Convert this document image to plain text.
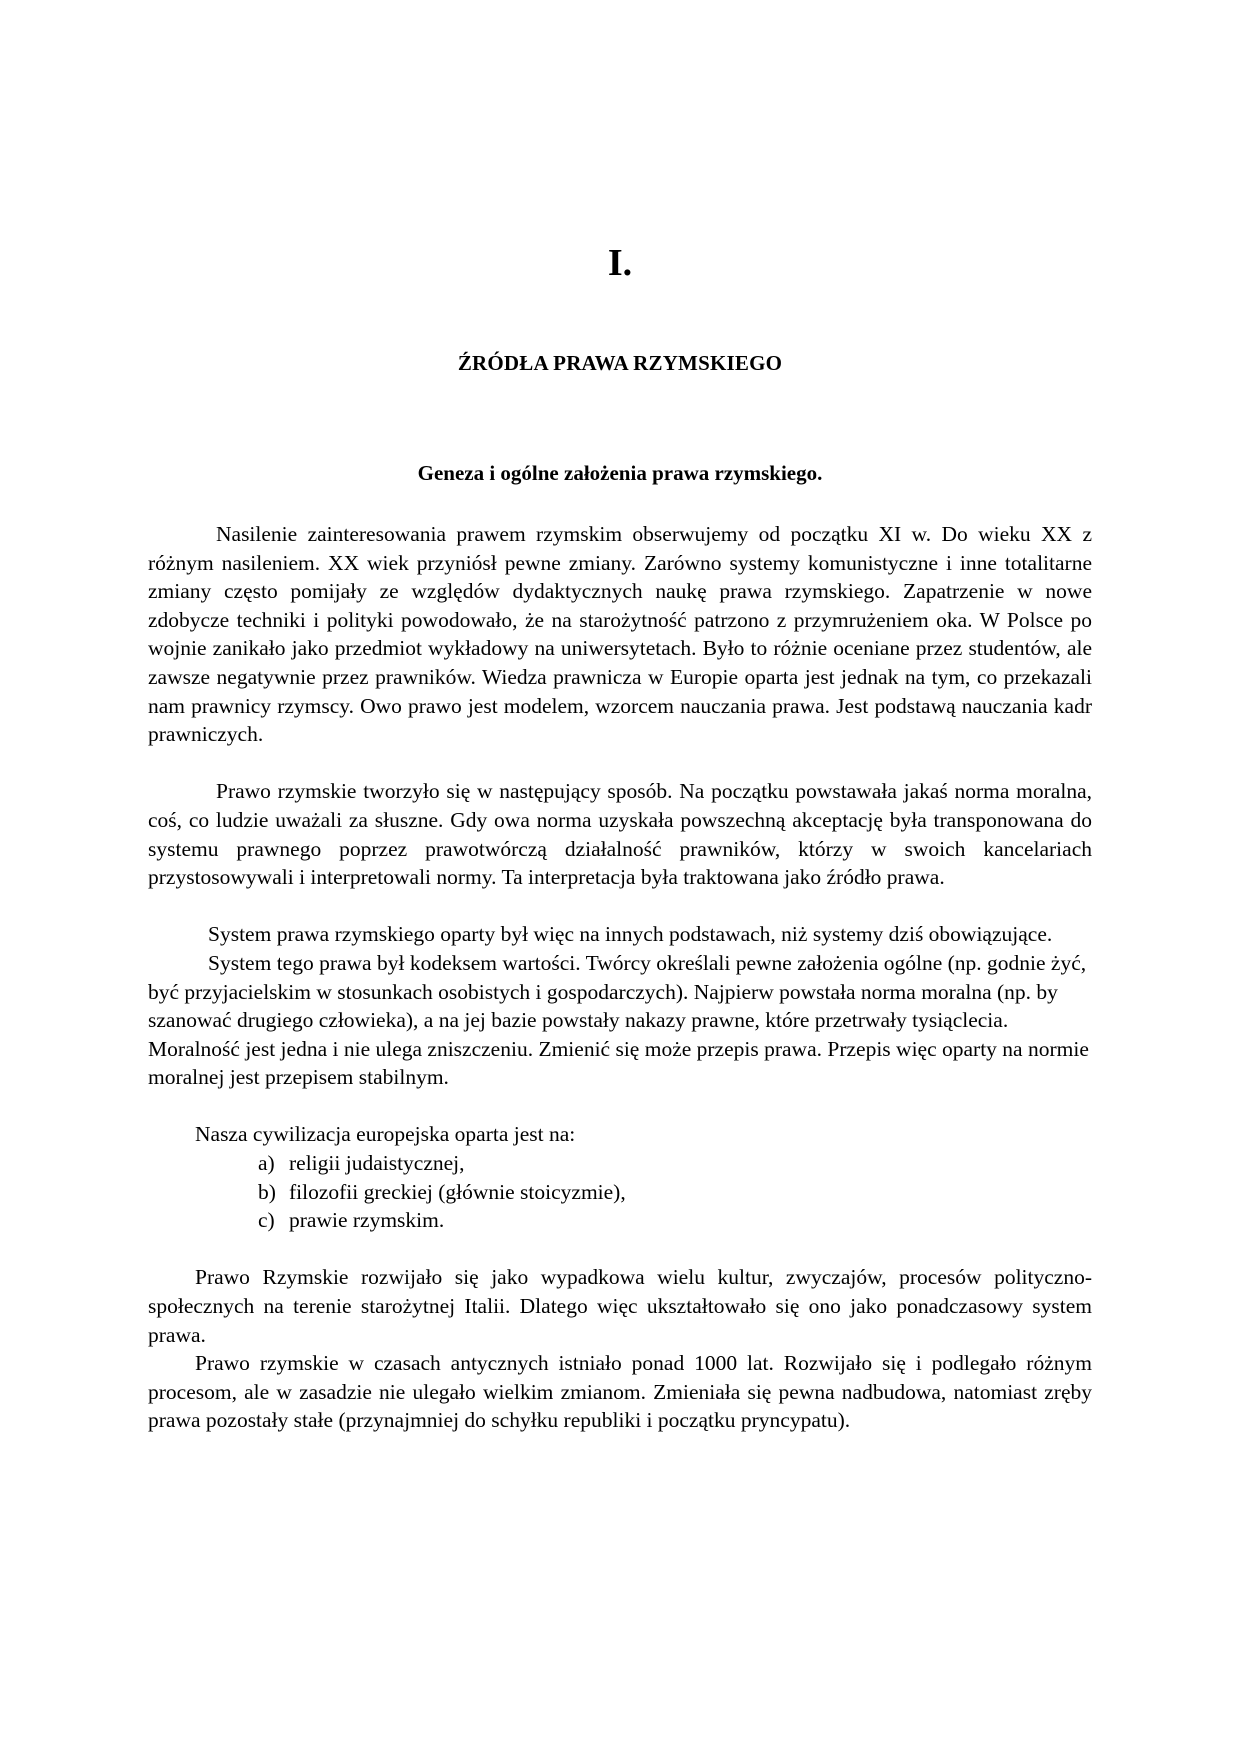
I.
ŹRÓDŁA PRAWA RZYMSKIEGO
Geneza i ogólne założenia prawa rzymskiego.

Nasilenie zainteresowania prawem rzymskim obserwujemy od początku XI w. Do wieku XX z różnym nasileniem. XX wiek przyniósł pewne zmiany. Zarówno systemy komunistyczne i inne totalitarne zmiany często pomijały ze względów dydaktycznych naukę prawa rzymskiego. Zapatrzenie w nowe zdobycze techniki i polityki powodowało, że na starożytność patrzono z przymrużeniem oka. W Polsce po wojnie zanikało jako przedmiot wykładowy na uniwersytetach. Było to różnie oceniane przez studentów, ale zawsze negatywnie przez prawników. Wiedza prawnicza w Europie oparta jest jednak na tym, co przekazali nam prawnicy rzymscy. Owo prawo jest modelem, wzorcem nauczania prawa. Jest podstawą nauczania kadr prawniczych.

Prawo rzymskie tworzyło się w następujący sposób. Na początku powstawała jakaś norma moralna, coś, co ludzie uważali za słuszne. Gdy owa norma uzyskała powszechną akceptację była transponowana do systemu prawnego poprzez prawotwórczą działalność prawników, którzy w swoich kancelariach przystosowywali i interpretowali normy. Ta interpretacja była traktowana jako źródło prawa.

System prawa rzymskiego oparty był więc na innych podstawach, niż systemy dziś obowiązujące.

System tego prawa był kodeksem wartości. Twórcy określali pewne założenia ogólne (np. godnie żyć, być przyjacielskim w stosunkach osobistych i gospodarczych). Najpierw powstała norma moralna (np. by szanować drugiego człowieka), a na jej bazie powstały nakazy prawne, które przetrwały tysiąclecia. Moralność jest jedna i nie ulega zniszczeniu. Zmienić się może przepis prawa. Przepis więc oparty na normie moralnej jest przepisem stabilnym.

Nasza cywilizacja europejska oparta jest na:

a) religii judaistycznej,
b) filozofii greckiej (głównie stoicyzmie),
c) prawie rzymskim.

Prawo Rzymskie rozwijało się jako wypadkowa wielu kultur, zwyczajów, procesów polityczno-społecznych na terenie starożytnej Italii. Dlatego więc ukształtowało się ono jako ponadczasowy system prawa.

Prawo rzymskie w czasach antycznych istniało ponad 1000 lat. Rozwijało się i podlegało różnym procesom, ale w zasadzie nie ulegało wielkim zmianom. Zmieniała się pewna nadbudowa, natomiast zręby prawa pozostały stałe (przynajmniej do schyłku republiki i początku pryncypatu).
